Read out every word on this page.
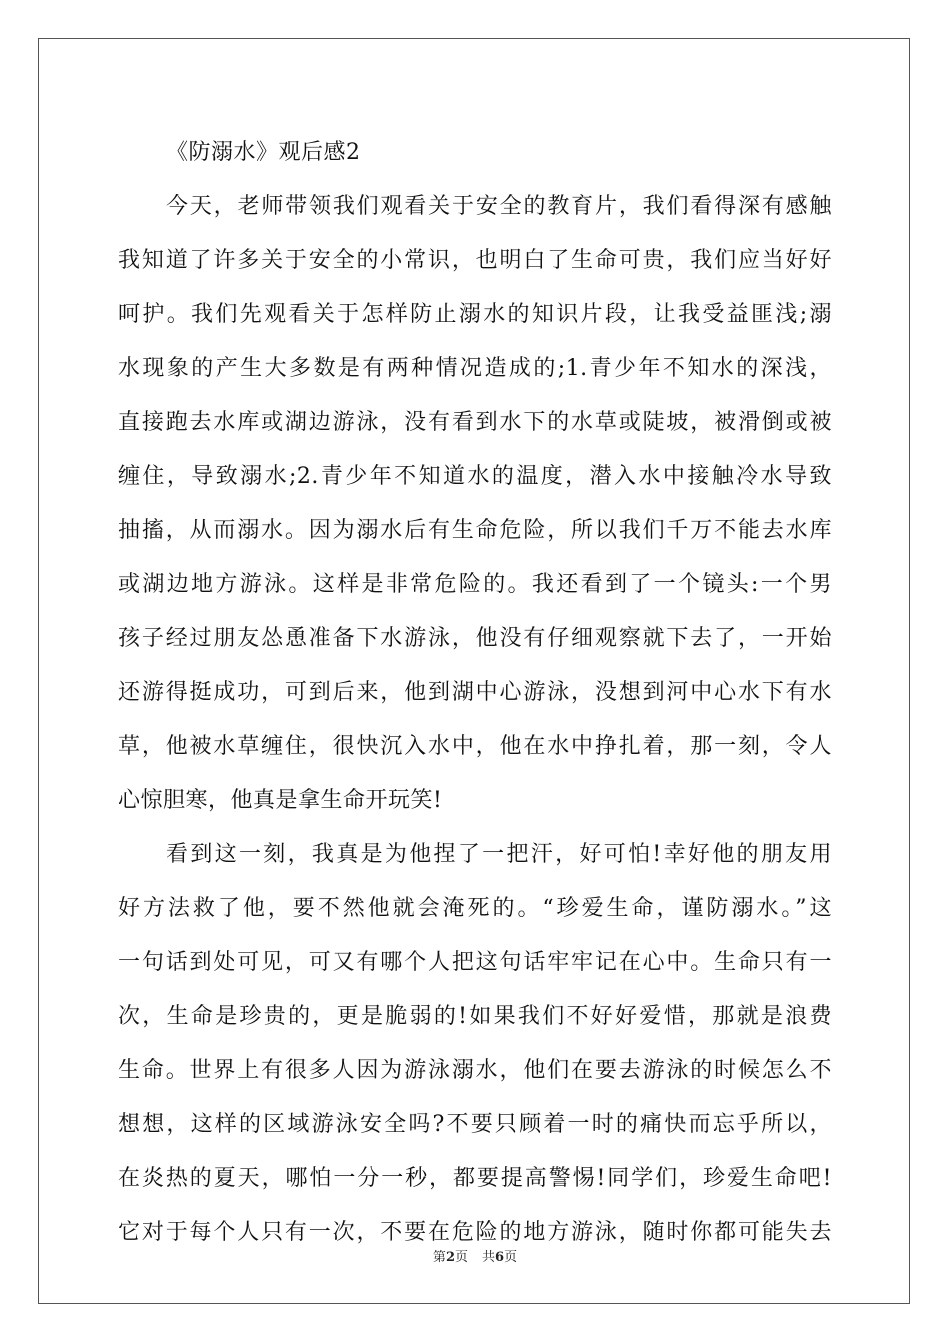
《防溺水》观后感2

今天，老师带领我们观看关于安全的教育片，我们看得深有感触

我知道了许多关于安全的小常识，也明白了生命可贵，我们应当好好

呵护。我们先观看关于怎样防止溺水的知识片段，让我受益匪浅;溺

水现象的产生大多数是有两种情况造成的;1.青少年不知水的深浅，

直接跑去水库或湖边游泳，没有看到水下的水草或陡坡，被滑倒或被

缠住，导致溺水;2.青少年不知道水的温度，潜入水中接触冷水导致

抽搐，从而溺水。因为溺水后有生命危险，所以我们千万不能去水库

或湖边地方游泳。这样是非常危险的。我还看到了一个镜头:一个男

孩子经过朋友怂恿准备下水游泳，他没有仔细观察就下去了，一开始

还游得挺成功，可到后来，他到湖中心游泳，没想到河中心水下有水

草，他被水草缠住，很快沉入水中，他在水中挣扎着，那一刻，令人

心惊胆寒，他真是拿生命开玩笑!

看到这一刻，我真是为他捏了一把汗，好可怕!幸好他的朋友用

好方法救了他，要不然他就会淹死的。“珍爱生命，谨防溺水。”这

一句话到处可见，可又有哪个人把这句话牢牢记在心中。生命只有一

次，生命是珍贵的，更是脆弱的!如果我们不好好爱惜，那就是浪费

生命。世界上有很多人因为游泳溺水，他们在要去游泳的时候怎么不

想想，这样的区域游泳安全吗?不要只顾着一时的痛快而忘乎所以，

在炎热的夏天，哪怕一分一秒，都要提高警惕!同学们，珍爱生命吧!

它对于每个人只有一次，不要在危险的地方游泳，随时你都可能失去

第2页 共6页
